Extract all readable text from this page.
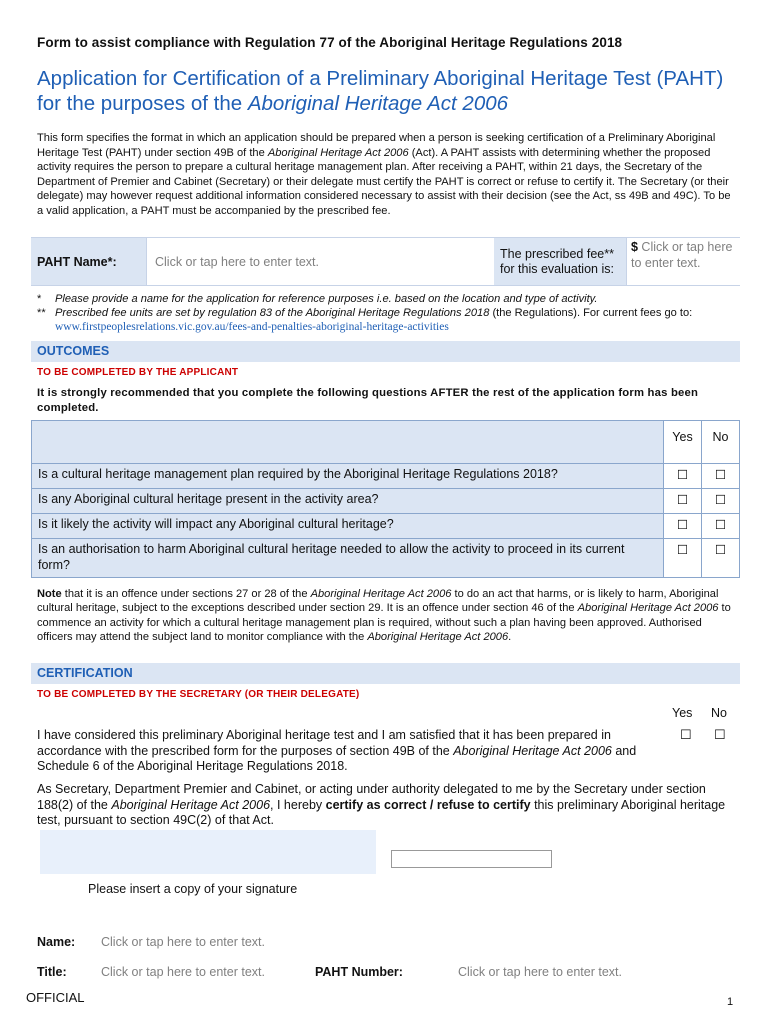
Form to assist compliance with Regulation 77 of the Aboriginal Heritage Regulations 2018
Application for Certification of a Preliminary Aboriginal Heritage Test (PAHT) for the purposes of the Aboriginal Heritage Act 2006
This form specifies the format in which an application should be prepared when a person is seeking certification of a Preliminary Aboriginal Heritage Test (PAHT) under section 49B of the Aboriginal Heritage Act 2006 (Act). A PAHT assists with determining whether the proposed activity requires the person to prepare a cultural heritage management plan. After receiving a PAHT, within 21 days, the Secretary of the Department of Premier and Cabinet (Secretary) or their delegate must certify the PAHT is correct or refuse to certify it. The Secretary (or their delegate) may however request additional information considered necessary to assist with their decision (see the Act, ss 49B and 49C). To be a valid application, a PAHT must be accompanied by the prescribed fee.
PAHT Name*:	Click or tap here to enter text.
The prescribed fee** for this evaluation is:
$ Click or tap here to enter text.
* Please provide a name for the application for reference purposes i.e. based on the location and type of activity.
** Prescribed fee units are set by regulation 83 of the Aboriginal Heritage Regulations 2018 (the Regulations). For current fees go to: www.firstpeoplesrelations.vic.gov.au/fees-and-penalties-aboriginal-heritage-activities
OUTCOMES
TO BE COMPLETED BY THE APPLICANT
It is strongly recommended that you complete the following questions AFTER the rest of the application form has been completed.
	Yes	No
Is a cultural heritage management plan required by the Aboriginal Heritage Regulations 2018?	☐	☐
Is any Aboriginal cultural heritage present in the activity area?	☐	☐
Is it likely the activity will impact any Aboriginal cultural heritage?	☐	☐
Is an authorisation to harm Aboriginal cultural heritage needed to allow the activity to proceed in its current form?	☐	☐
Note that it is an offence under sections 27 or 28 of the Aboriginal Heritage Act 2006 to do an act that harms, or is likely to harm, Aboriginal cultural heritage, subject to the exceptions described under section 29. It is an offence under section 46 of the Aboriginal Heritage Act 2006 to commence an activity for which a cultural heritage management plan is required, without such a plan having been approved. Authorised officers may attend the subject land to monitor compliance with the Aboriginal Heritage Act 2006.
CERTIFICATION
TO BE COMPLETED BY THE SECRETARY (OR THEIR DELEGATE)
Yes No
I have considered this preliminary Aboriginal heritage test and I am satisfied that it has been prepared in accordance with the prescribed form for the purposes of section 49B of the Aboriginal Heritage Act 2006 and Schedule 6 of the Aboriginal Heritage Regulations 2018.
☐ ☐
As Secretary, Department Premier and Cabinet, or acting under authority delegated to me by the Secretary under section 188(2) of the Aboriginal Heritage Act 2006, I hereby certify as correct / refuse to certify this preliminary Aboriginal heritage test, pursuant to section 49C(2) of that Act.
Please insert a copy of your signature
Name: Click or tap here to enter text.
Title:	Click or tap here to enter text.	PAHT Number:	Click or tap here to enter text.
OFFICIAL	1
